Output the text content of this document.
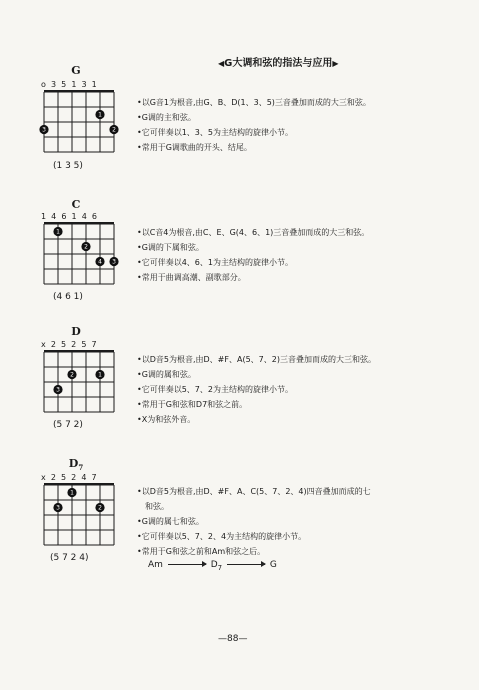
◀G大调和弦的指法与应用▶
G
o  3  5  1  3  1
1
2
3
(1 3 5)
•以G音1为根音,由G、B、D(1、3、5)三音叠加而成的大三和弦。
•G调的主和弦。
•它可伴奏以1、3、5为主结构的旋律小节。
•常用于G调歌曲的开头、结尾。
C
1  4  6  1  4  6
1
2
3
4
(4 6 1)
•以C音4为根音,由C、E、G(4、6、1)三音叠加而成的大三和弦。
•G调的下属和弦。
•它可伴奏以4、6、1为主结构的旋律小节。
•常用于曲调高潮、副歌部分。
D
x  2  5  2  5  7
1
2
3
(5 7 2)
•以D音5为根音,由D、#F、A(5、7、2)三音叠加而成的大三和弦。
•G调的属和弦。
•它可伴奏以5、7、2为主结构的旋律小节。
•常用于G和弦和D7和弦之前。
•X为和弦外音。
$D_7$
x  2  5  2  4  7
1
2
3
(5 7 2 4)
•以D音5为根音,由D、#F、A、C(5、7、2、4)四音叠加而成的七
和弦。
•G调的属七和弦。
•它可伴奏以5、7、2、4为主结构的旋律小节。
•常用于G和弦之前和Am和弦之后。
Am	$D_7$	G
—88—
